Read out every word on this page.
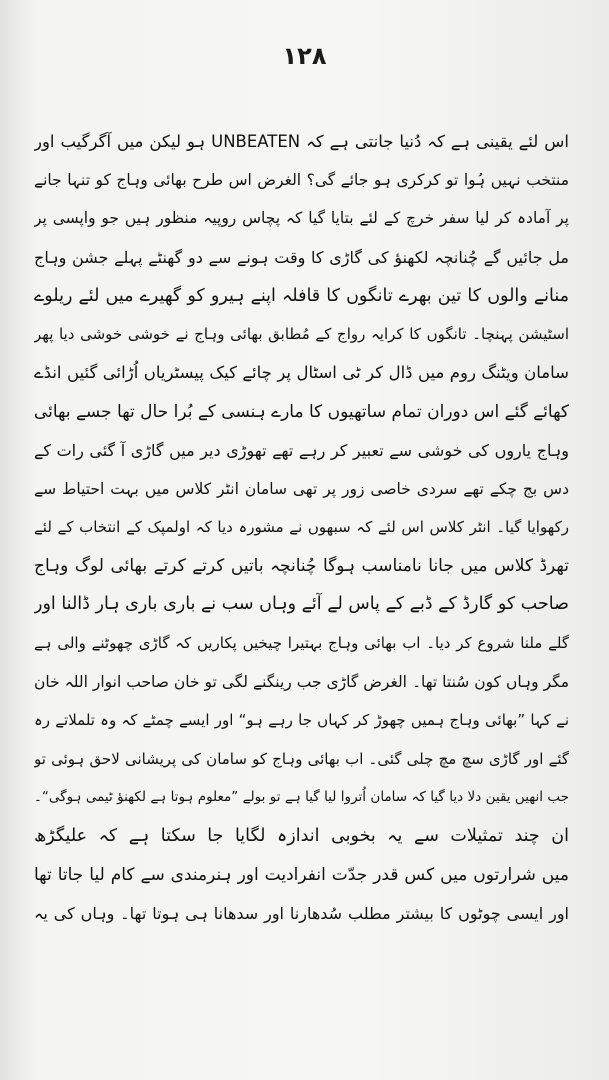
۱۲۸
اس لئے یقینی ہے کہ دُنیا جانتی ہے کہ UNBEATEN ہو لیکن میں آگرگیب اور
منتخب نہیں ہُوا تو کرکری ہو جائے گی؟ الغرض اس طرح بھائی وہاج کو تنہا جانے
پر آمادہ کر لیا سفر خرچ کے لئے بتایا گیا کہ پچاس روپیہ منظور ہیں جو واپسی پر
مل جائیں گے چُنانچہ لکھنؤ کی گاڑی کا وقت ہونے سے دو گھنٹے پہلے جشن وہاج
منانے والوں کا تین بھرے تانگوں کا قافلہ اپنے ہیرو کو گھیرے میں لئے ریلوے
اسٹیشن پہنچا۔ تانگوں کا کرایہ رواج کے مُطابق بھائی وہاج نے خوشی خوشی دیا پھر
سامان ویٹنگ روم میں ڈال کر ٹی اسٹال پر چائے کیک پیسٹریاں اُڑائی گئیں انڈے
کھائے گئے اس دوران تمام ساتھیوں کا مارے ہنسی کے بُرا حال تھا جسے بھائی
وہاج یاروں کی خوشی سے تعبیر کر رہے تھے تھوڑی دیر میں گاڑی آ گئی رات کے
دس بج چکے تھے سردی خاصی زور پر تھی سامان انٹر کلاس میں بہت احتیاط سے
رکھوایا گیا۔ انٹر کلاس اس لئے کہ سبھوں نے مشورہ دیا کہ اولمپک کے انتخاب کے لئے
تھرڈ کلاس میں جانا نامناسب ہوگا چُنانچہ باتیں کرتے کرتے بھائی لوگ وہاج
صاحب کو گارڈ کے ڈبے کے پاس لے آئے وہاں سب نے باری باری ہار ڈالنا اور
گلے ملنا شروع کر دیا۔ اب بھائی وہاج بہتیرا چیخیں پکاریں کہ گاڑی چھوٹنے والی ہے
مگر وہاں کون سُنتا تھا۔ الغرض گاڑی جب رینگنے لگی تو خان صاحب انوار اللہ خان
نے کہا ”بھائی وہاج ہمیں چھوڑ کر کہاں جا رہے ہو“ اور ایسے چمٹے کہ وہ تلملاتے رہ
گئے اور گاڑی سچ مچ چلی گئی۔ اب بھائی وہاج کو سامان کی پریشانی لاحق ہوئی تو
جب انھیں یقین دلا دیا گیا کہ سامان اُتروا لیا گیا ہے تو بولے ”معلوم ہوتا ہے لکھنؤ ٹیمی ہوگی“۔
ان چند تمثیلات سے یہ بخوبی اندازہ لگایا جا سکتا ہے کہ علیگڑھ
میں شرارتوں میں کس قدر جدّت انفرادیت اور ہنرمندی سے کام لیا جاتا تھا
اور ایسی چوٹوں کا بیشتر مطلب سُدھارنا اور سدھانا ہی ہوتا تھا۔ وہاں کی یہ
